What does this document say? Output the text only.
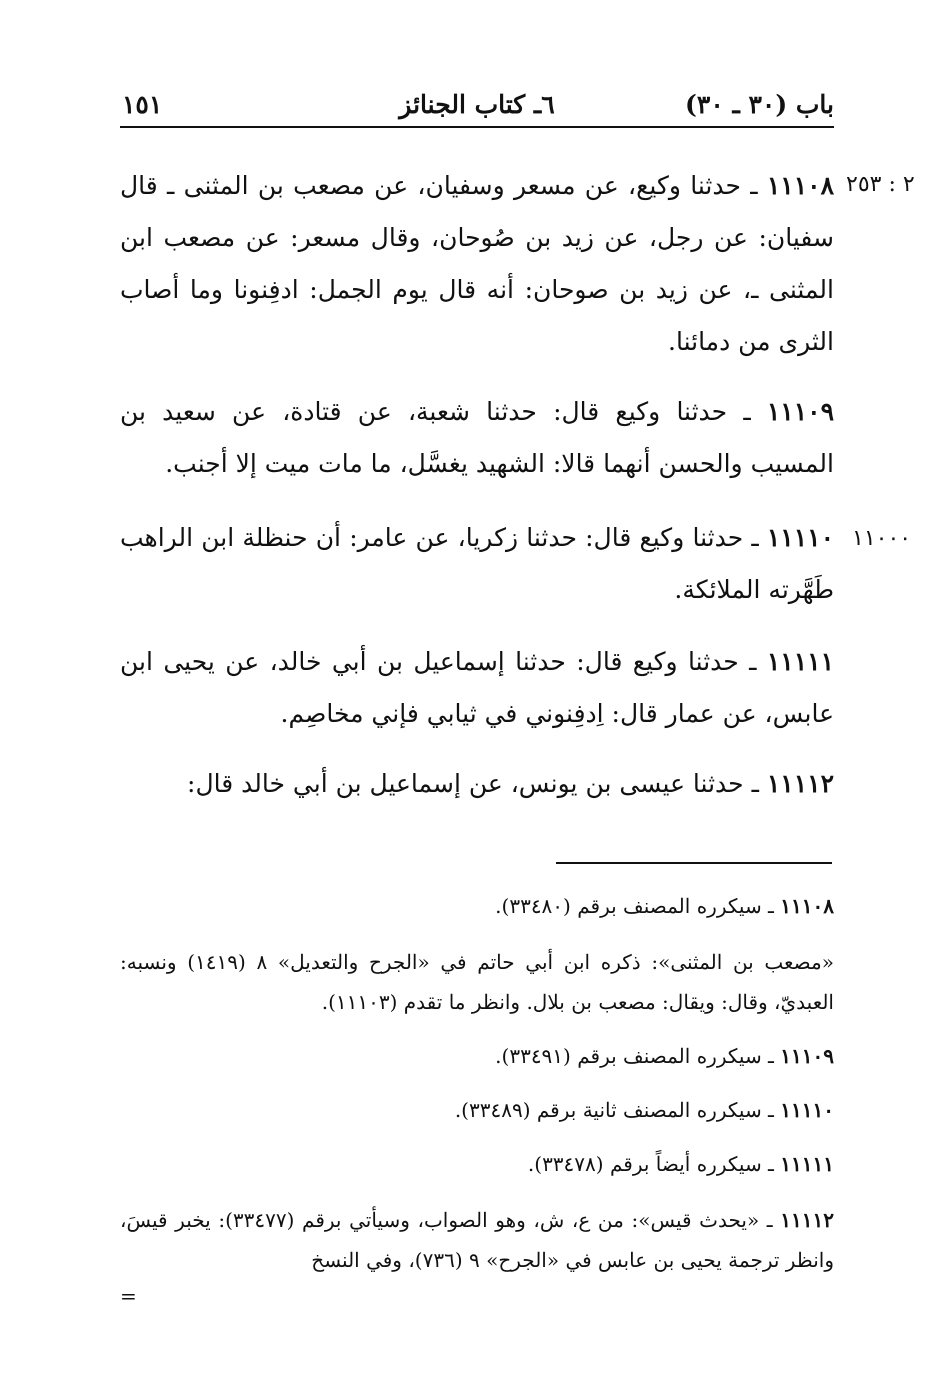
باب (٣٠ ـ ٣٠)
٦ـ كتاب الجنائز
١٥١
٢ : ٢٥٣
١١٠٠٠

١١١٠٨ ـ حدثنا وكيع، عن مسعر وسفيان، عن مصعب بن المثنى ـ قال سفيان: عن رجل، عن زيد بن صُوحان، وقال مسعر: عن مصعب ابن المثنى ـ، عن زيد بن صوحان: أنه قال يوم الجمل: ادفِنونا وما أصاب الثرى من دمائنا.

١١١٠٩ ـ حدثنا وكيع قال: حدثنا شعبة، عن قتادة، عن سعيد بن المسيب والحسن أنهما قالا: الشهيد يغسَّل، ما مات ميت إلا أجنب.

١١١١٠ ـ حدثنا وكيع قال: حدثنا زكريا، عن عامر: أن حنظلة ابن الراهب طَهَّرته الملائكة.

١١١١١ ـ حدثنا وكيع قال: حدثنا إسماعيل بن أبي خالد، عن يحيى ابن عابس، عن عمار قال: اِدفِنوني في ثيابي فإني مخاصِم.

١١١١٢ ـ حدثنا عيسى بن يونس، عن إسماعيل بن أبي خالد قال:

١١١٠٨ ـ سيكرره المصنف برقم (٣٣٤٨٠).

«مصعب بن المثنى»: ذكره ابن أبي حاتم في «الجرح والتعديل» ٨ (١٤١٩) ونسبه: العبديّ، وقال: ويقال: مصعب بن بلال. وانظر ما تقدم (١١١٠٣).

١١١٠٩ ـ سيكرره المصنف برقم (٣٣٤٩١).

١١١١٠ ـ سيكرره المصنف ثانية برقم (٣٣٤٨٩).

١١١١١ ـ سيكرره أيضاً برقم (٣٣٤٧٨).

١١١١٢ ـ «يحدث قيس»: من ع، ش، وهو الصواب، وسيأتي برقم (٣٣٤٧٧): يخبر قيسَ، وانظر ترجمة يحيى بن عابس في «الجرح» ٩ (٧٣٦)، وفي النسخ

=
